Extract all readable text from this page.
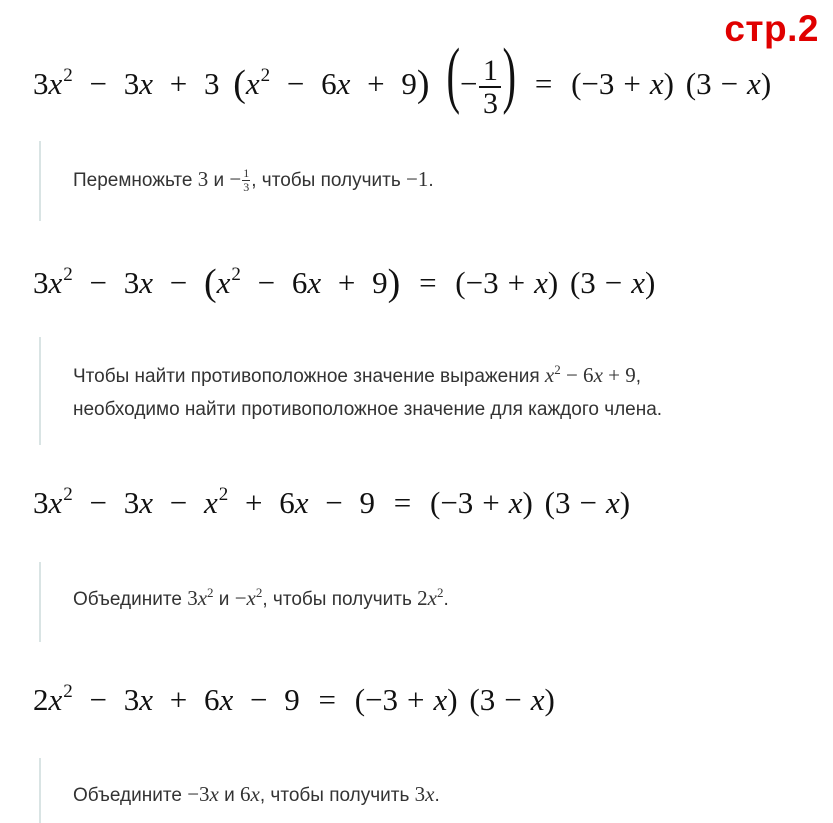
стр.2
3x2 − 3x + 3 (x2 − 6x + 9) (− $\frac{1}{3}$ ) = (−3 + x) (3 − x)
Перемножьте 3 $и - \frac{1}{3}$ , чтобы получить −1.
3x2 − 3x − (x2 − 6x + 9) = (−3 + x) (3 − x)
Чтобы найти противоположное значение выражения $x^2 - 6x + 9$,
необходимо найти противоположное значение для каждого члена.
3x2 − 3x − x2 + 6x − 9 = (−3 + x) (3 − x)
Объедините $3x^2$ $и -x^2$, чтобы получить $2x^2$.
2x2 − 3x + 6x − 9 = (−3 + x) (3 − x)
Объедините −3x и 6x, чтобы получить 3x.
